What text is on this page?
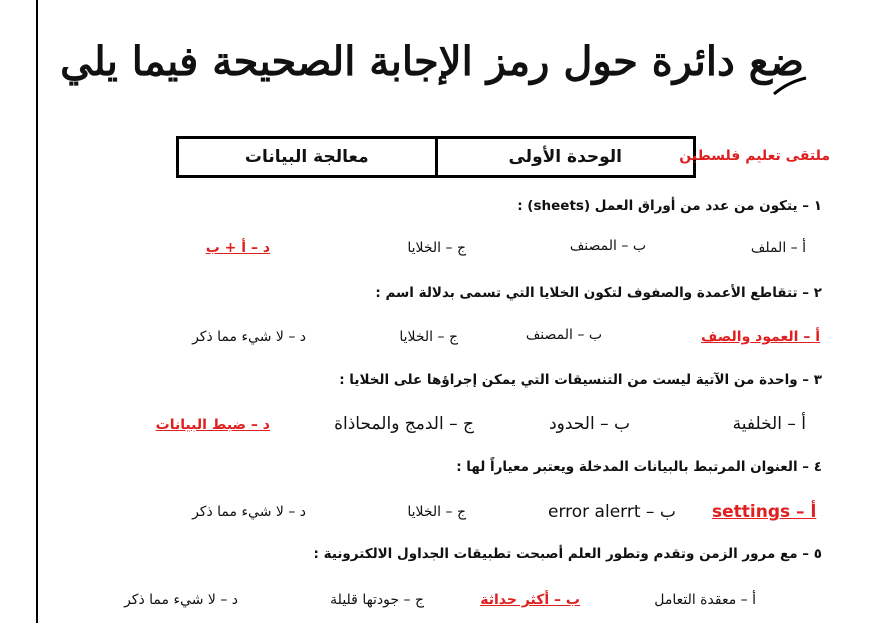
ضع دائرة حول رمز الإجابة الصحيحة فيما يلي
الوحدة الأولى
معالجة البيانات	ملتقى تعليم فلسطين
١ – يتكون من عدد من أوراق العمل (sheets) :
أ – الملف
ب – المصنف
ج – الخلايا
د – أ + ب
٢ – تتقاطع الأعمدة والصفوف لتكون الخلايا التي تسمى بدلالة اسم :
أ – العمود والصف
ب – المصنف
ج – الخلايا
د – لا شيء مما ذكر
٣ – واحدة من الآتية ليست من التنسيقات التي يمكن إجراؤها على الخلايا :
أ – الخلفية
ب – الحدود
ج – الدمج والمحاذاة
د – ضبط البيانات
٤ – العنوان المرتبط بالبيانات المدخلة ويعتبر معياراً لها :
settings – أ
error alerrt – ب
ج – الخلايا
د – لا شيء مما ذكر
٥ – مع مرور الزمن وتقدم وتطور العلم أصبحت تطبيقات الجداول الالكترونية :
أ – معقدة التعامل
ب – أكثر حداثة
ج – جودتها قليلة
د – لا شيء مما ذكر
